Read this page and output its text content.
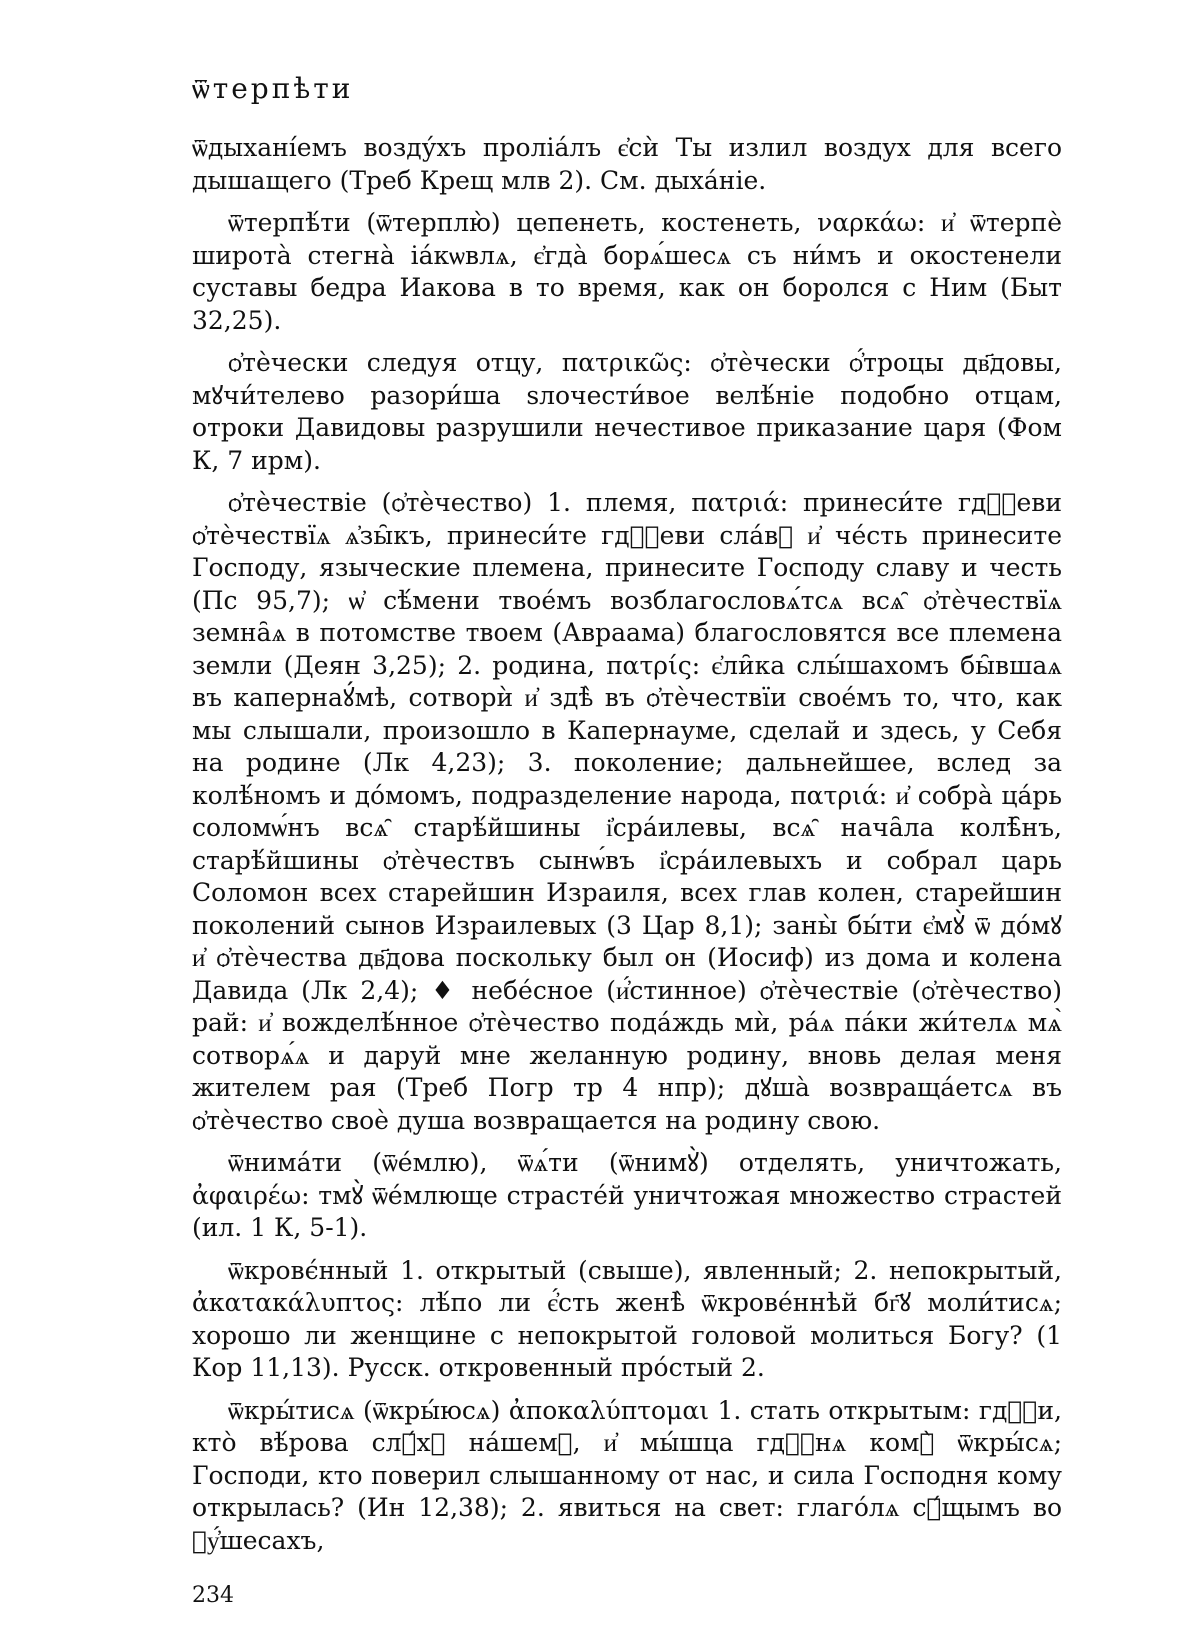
ѿтерпѣти

ѿдыхані́емъ возду́хъ проліа́лъ є҆сѝ Ты излил воздух для всего дышащего (Треб Крещ млв 2). См. дыха́ніе.

ѿтерпѣ́ти (ѿтерплю̀) цепенеть, костенеть, ναρκάω: и҆ ѿтерпѐ широта̀ стегна̀ іа́кѡвлѧ, є҆гда̀ борѧ́шесѧ съ ни́мъ и окостенели суставы бедра Иакова в то время, как он боролся с Ним (Быт 32,25).

ѻ҆тѐчески следуя отцу, πατρικῶς: ѻ҆тѐчески ѻ҆́троцы дв҃довы, мꙋчи́телево разори́ша ѕлочести́вое велѣ́ніе подобно отцам, отроки Давидовы разрушили нечестивое приказание царя (Фом К, 7 ирм).

ѻ҆тѐчествіе (ѻ҆тѐчество) 1. племя, πατριά: принеси́те гдⷭ҇еви ѻ҆тѐчествїѧ ѧ҆зы̑къ, принеси́те гдⷭ҇еви сла́вꙋ и҆ че́сть принесите Господу, языческие племена, принесите Господу славу и честь (Пс 95,7); ѡ҆ сѣ́мени твое́мъ возблагословѧ́тсѧ всѧ̑ ѻ҆тѐчествїѧ земна̑ѧ в потомстве твоем (Авраама) благословятся все племена земли (Деян 3,25); 2. родина, πατρίς: є҆ли̑ка слы́шахомъ бы̑вшаѧ въ капернаꙋ́мѣ, сотворѝ и҆ здѣ̀ въ ѻ҆тѐчествїи свое́мъ то, что, как мы слышали, произошло в Капернауме, сделай и здесь, у Себя на родине (Лк 4,23); 3. поколение; дальнейшее, вслед за колѣ́номъ и до́момъ, подразделение народа, πατριά: и҆ собра̀ ца́рь соломѡ́нъ всѧ̑ старѣ́йшины і҆сра́илевы, всѧ̑ нача̑ла колѣ̑нъ, старѣ́йшины ѻ҆тѐчествъ сынѡ́въ і҆сра́илевыхъ и собрал царь Соломон всех старейшин Израиля, всех глав колен, старейшин поколений сынов Израилевых (3 Цар 8,1); заны̀ бы́ти є҆мꙋ̀ ѿ до́мꙋ и҆ ѻ҆тѐчества дв҃дова поскольку был он (Иосиф) из дома и колена Давида (Лк 2,4); ♦ небе́сное (и҆́стинное) ѻ҆тѐчествіе (ѻ҆тѐчество) рай: и҆ вожделѣ́нное ѻ҆тѐчество пода́ждь мѝ, ра́ѧ па́ки жи́телѧ мѧ̀ сотворѧ́ѧ и даруй мне желанную родину, вновь делая меня жителем рая (Треб Погр тр 4 нпр); дꙋша̀ возвраща́етсѧ въ ѻ҆тѐчество своѐ душа возвращается на родину свою.

ѿнима́ти (ѿе́млю), ѿѧ́ти (ѿнимꙋ̀) отделять, уничтожать, ἀφαιρέω: тмꙋ̀ ѿе́млющe страсте́й уничтожая множество страстей (ил. 1 К, 5-1).

ѿкровє́нный 1. открытый (свыше), явленный; 2. непокрытый, ἀκατακάλυπτος: лѣ́по ли є҆́сть женѣ̀ ѿкрове́ннѣй бг҃ꙋ моли́тисѧ; хорошо ли женщине с непокрытой головой молиться Богу? (1 Кор 11,13). Русск. откровенный про́стый 2.

ѿкры́тисѧ (ѿкры́юсѧ) ἀποκαλύπτομαι 1. стать открытым: гдⷭ҇и, кто̀ вѣ́рова слꙋ́хꙋ на́шемꙋ, и҆ мы́шца гдⷭ҇нѧ комꙋ̀ ѿкры́сѧ; Господи, кто поверил слышанному от нас, и сила Господня кому открылась? (Ин 12,38); 2. явиться на свет: глаго́лѧ сꙋ́щымъ во ᲂу҆́шесахъ,

234
